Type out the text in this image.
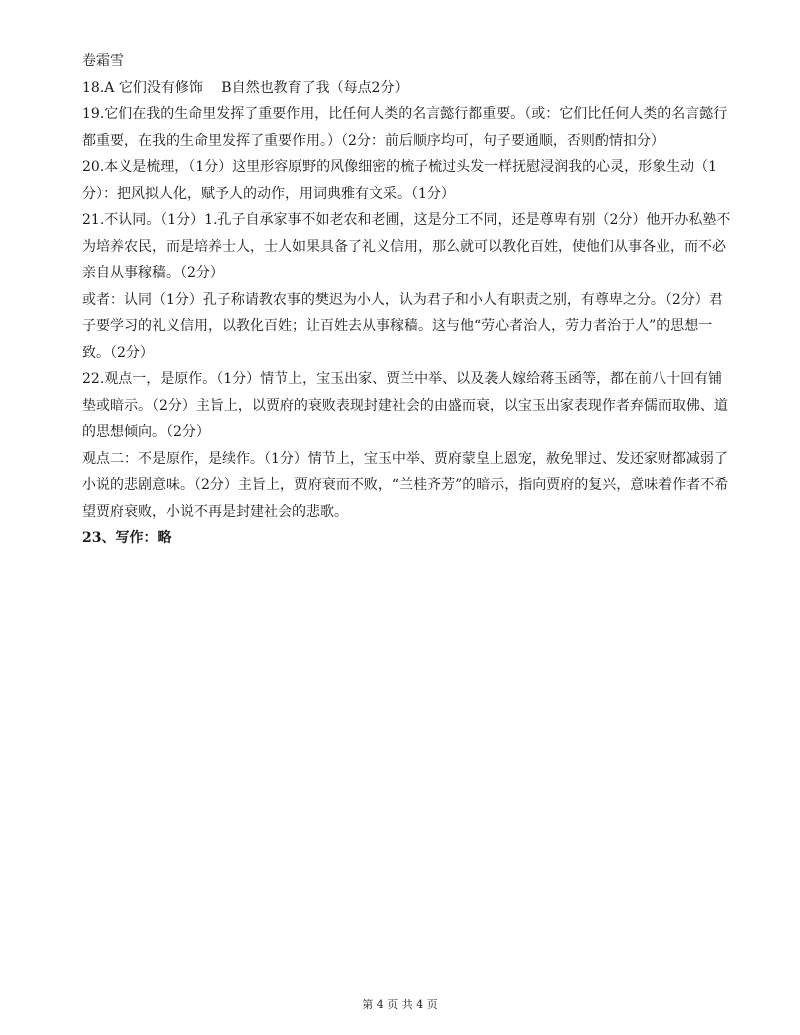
卷霜雪

18.A 它们没有修饰　 B自然也教育了我（每点2分）

19.它们在我的生命里发挥了重要作用，比任何人类的名言懿行都重要。（或：它们比任何人类的名言懿行都重要，在我的生命里发挥了重要作用。）（2分：前后顺序均可，句子要通顺，否则酌情扣分）

20.本义是梳理，（1分）这里形容原野的风像细密的梳子梳过头发一样抚慰浸润我的心灵，形象生动（1分）：把风拟人化，赋予人的动作，用词典雅有文采。（1分）

21.不认同。（1分）1.孔子自承家事不如老农和老圃，这是分工不同，还是尊卑有别（2分）他开办私塾不为培养农民，而是培养士人，士人如果具备了礼义信用，那么就可以教化百姓，使他们从事各业，而不必亲自从事稼穑。（2分）

或者：认同（1分）孔子称请教农事的樊迟为小人，认为君子和小人有职责之别，有尊卑之分。（2分）君子要学习的礼义信用，以教化百姓；让百姓去从事稼穑。这与他“劳心者治人，劳力者治于人”的思想一致。（2分）

22.观点一，是原作。（1分）情节上，宝玉出家、贾兰中举、以及袭人嫁给蒋玉函等，都在前八十回有铺垫或暗示。（2分）主旨上，以贾府的衰败表现封建社会的由盛而衰，以宝玉出家表现作者弃儒而取佛、道的思想倾向。（2分）

观点二：不是原作，是续作。（1分）情节上，宝玉中举、贾府蒙皇上恩宠，赦免罪过、发还家财都减弱了小说的悲剧意味。（2分）主旨上，贾府衰而不败，“兰桂齐芳”的暗示，指向贾府的复兴，意味着作者不希望贾府衰败，小说不再是封建社会的悲歌。

23、写作：略

第 4 页 共 4 页
